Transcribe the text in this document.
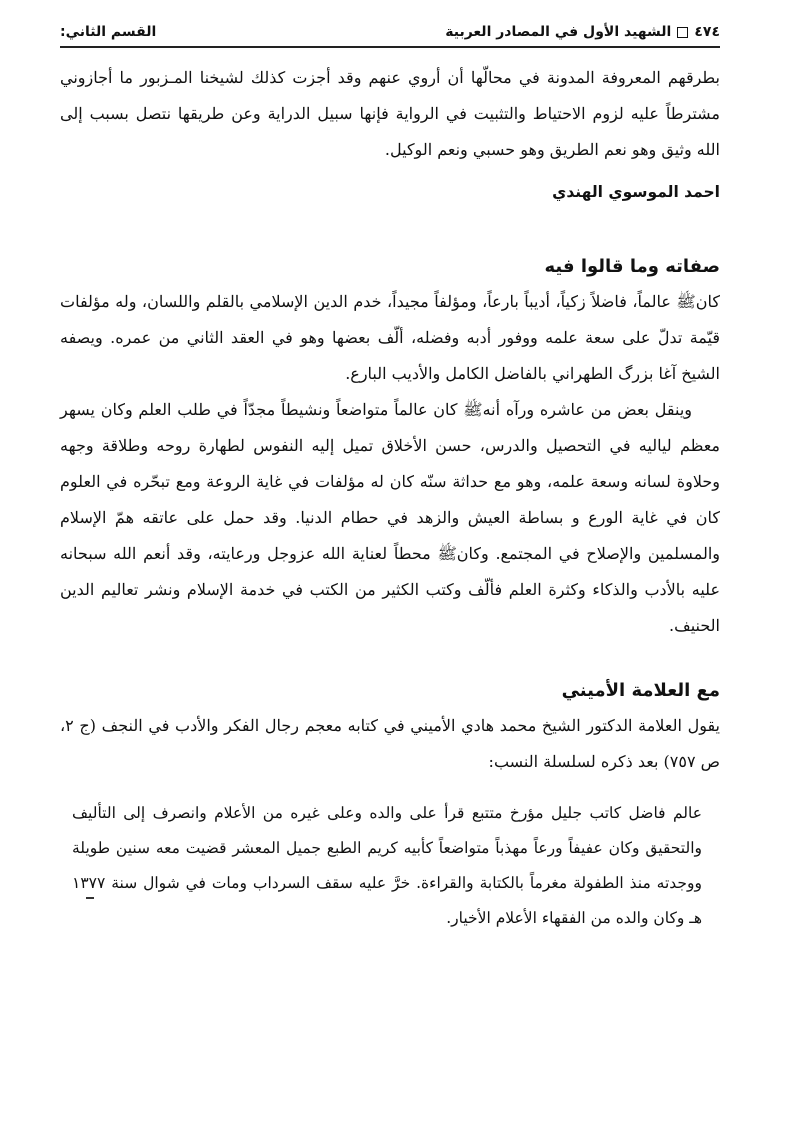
٤٧٤
الشهيد الأول في المصادر العربية
القسم الثاني:

بطرقهم المعروفة المدونة في محالّها أن أروي عنهم وقد أجزت كذلك لشيخنا المـزبور ما أجازوني مشترطاً عليه لزوم الاحتياط والتثبيت في الرواية فإنها سبيل الدراية وعن طريقها نتصل بسبب إلى الله وثيق وهو نعم الطريق وهو حسبي ونعم الوكيل.

احمد الموسوي الهندي

صفاته وما قالوا فيه

كانﷺ عالماً، فاضلاً زكياً، أديباً بارعاً، ومؤلفاً مجيداً، خدم الدين الإسلامي بالقلم واللسان، وله مؤلفات قيّمة تدلّ على سعة علمه ووفور أدبه وفضله، ألّف بعضها وهو في العقد الثاني من عمره. ويصفه الشيخ آغا بزرگ الطهراني بالفاضل الكامل والأديب البارع.

وينقل بعض من عاشره ورآه أنهﷺ كان عالماً متواضعاً ونشيطاً مجدّاً في طلب العلم وكان يسهر معظم لياليه في التحصيل والدرس، حسن الأخلاق تميل إليه النفوس لطهارة روحه وطلاقة وجهه وحلاوة لسانه وسعة علمه، وهو مع حداثة سنّه كان له مؤلفات في غاية الروعة ومع تبحّره في العلوم كان في غاية الورع و بساطة العيش والزهد في حطام الدنيا. وقد حمل على عاتقه همّ الإسلام والمسلمين والإصلاح في المجتمع. وكانﷺ محطاً لعناية الله عزوجل ورعايته، وقد أنعم الله سبحانه عليه بالأدب والذكاء وكثرة العلم فألّف وكتب الكثير من الكتب في خدمة الإسلام ونشر تعاليم الدين الحنيف.

مع العلامة الأميني

يقول العلامة الدكتور الشيخ محمد هادي الأميني في كتابه معجم رجال الفكر والأدب في النجف (ج ٢، ص ٧٥٧) بعد ذكره لسلسلة النسب:

عالم فاضل كاتب جليل مؤرخ متتبع قرأ على والده وعلى غيره من الأعلام وانصرف إلى التأليف والتحقيق وكان عفيفاً ورعاً مهذباً متواضعاً كأبيه كريم الطبع جميل المعشر قضيت معه سنين طويلة ووجدته منذ الطفولة مغرماً بالكتابة والقراءة. خرَّ عليه سقف السرداب ومات في شوال سنة ١٣٧٧ هـ وكان والده من الفقهاء الأعلام الأخيار.
